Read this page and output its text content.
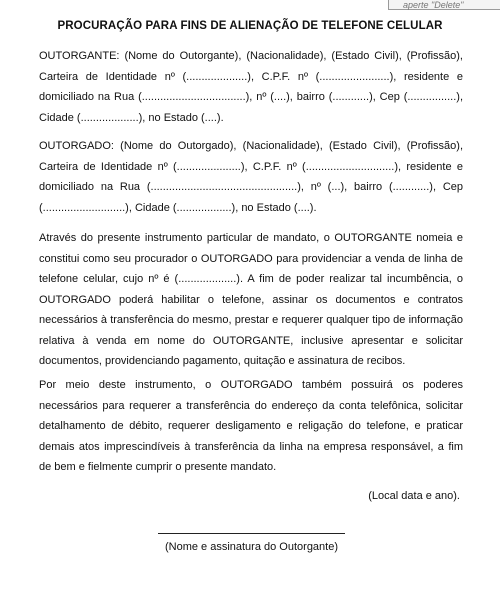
aperte "Delete"
PROCURAÇÃO PARA FINS DE ALIENAÇÃO DE TELEFONE CELULAR
OUTORGANTE: (Nome do Outorgante), (Nacionalidade), (Estado Civil), (Profissão), Carteira de Identidade nº (....................), C.P.F. nº (.......................), residente e domiciliado na Rua (..................................), nº (....), bairro (............), Cep (................), Cidade (...................), no Estado (....).
OUTORGADO: (Nome do Outorgado), (Nacionalidade), (Estado Civil), (Profissão), Carteira de Identidade nº (.....................), C.P.F. nº (.............................), residente e domiciliado na Rua (................................................), nº (...), bairro (............), Cep (...........................), Cidade (..................), no Estado (....).
Através do presente instrumento particular de mandato, o OUTORGANTE nomeia e constitui como seu procurador o OUTORGADO para providenciar a venda de linha de telefone celular, cujo nº é (...................). A fim de poder realizar tal incumbência, o OUTORGADO poderá habilitar o telefone, assinar os documentos e contratos necessários à transferência do mesmo, prestar e requerer qualquer tipo de informação relativa à venda em nome do OUTORGANTE, inclusive apresentar e solicitar documentos, providenciando pagamento, quitação e assinatura de recibos.
Por meio deste instrumento, o OUTORGADO também possuirá os poderes necessários para requerer a transferência do endereço da conta telefônica, solicitar detalhamento de débito, requerer desligamento e religação do telefone, e praticar demais atos imprescindíveis à transferência da linha na empresa responsável, a fim de bem e fielmente cumprir o presente mandato.
(Local data e ano).
(Nome e assinatura do Outorgante)
